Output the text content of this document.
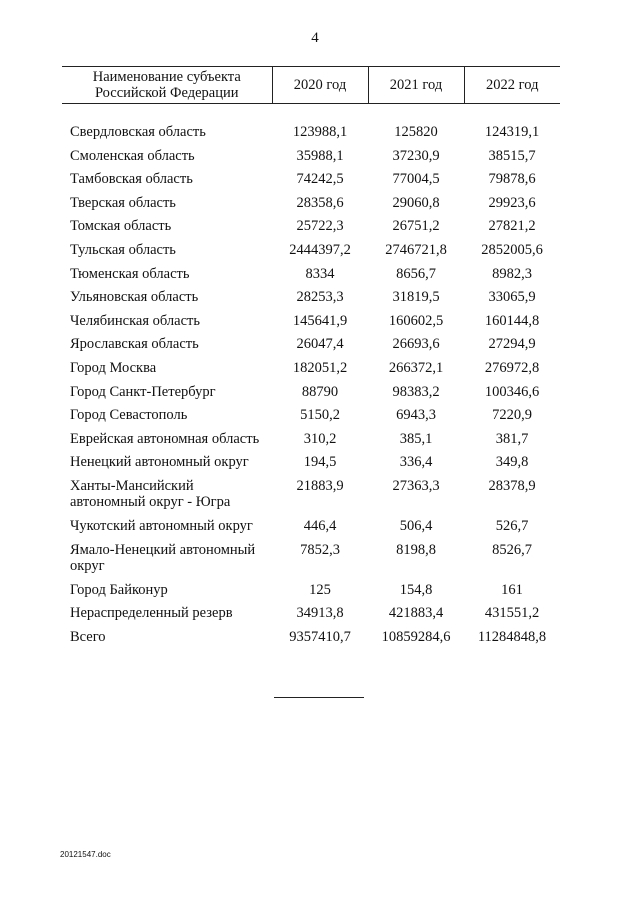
4
Наименование субъекта Российской Федерации	2020 год	2021 год	2022 год

Свердловская область	123988,1	125820	124319,1
Смоленская область	35988,1	37230,9	38515,7
Тамбовская область	74242,5	77004,5	79878,6
Тверская область	28358,6	29060,8	29923,6
Томская область	25722,3	26751,2	27821,2
Тульская область	2444397,2	2746721,8	2852005,6
Тюменская область	8334	8656,7	8982,3
Ульяновская область	28253,3	31819,5	33065,9
Челябинская область	145641,9	160602,5	160144,8
Ярославская область	26047,4	26693,6	27294,9
Город Москва	182051,2	266372,1	276972,8
Город Санкт-Петербург	88790	98383,2	100346,6
Город Севастополь	5150,2	6943,3	7220,9
Еврейская автономная область	310,2	385,1	381,7
Ненецкий автономный округ	194,5	336,4	349,8
Ханты-Мансийский автономный округ - Югра	21883,9	27363,3	28378,9
Чукотский автономный округ	446,4	506,4	526,7
Ямало-Ненецкий автономный округ	7852,3	8198,8	8526,7
Город Байконур	125	154,8	161
Нераспределенный резерв	34913,8	421883,4	431551,2
Всего	9357410,7	10859284,6	11284848,8
20121547.doc
